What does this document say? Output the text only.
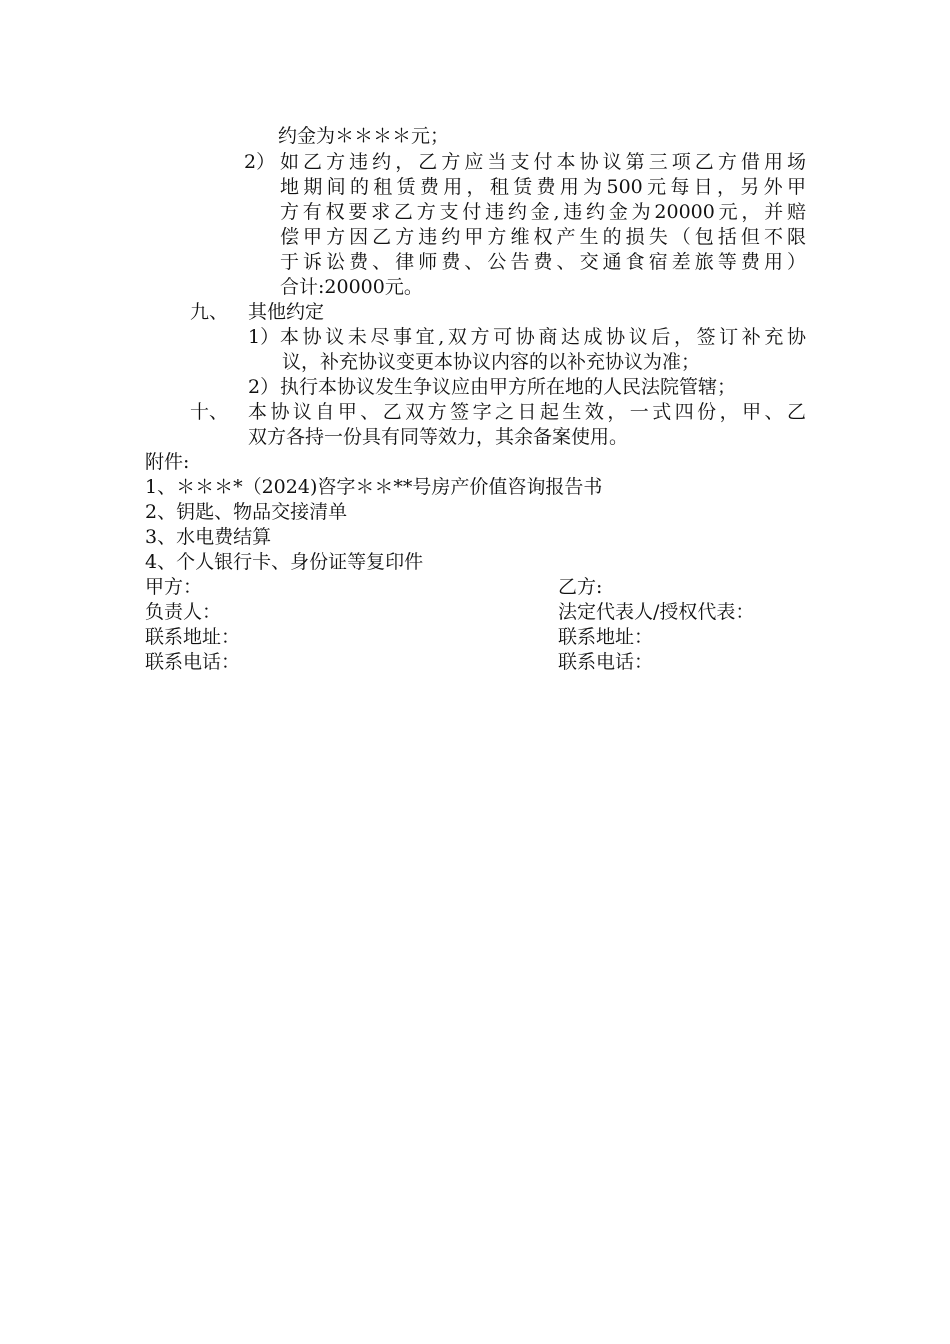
约金为＊＊＊＊元；
2） 如乙方违约，乙方应当支付本协议第三项乙方借用场
地期间的租赁费用，租赁费用为500元每日，另外甲
方有权要求乙方支付违约金,违约金为20000元，并赔
偿甲方因乙方违约甲方维权产生的损失（包括但不限
于诉讼费、律师费、公告费、交通食宿差旅等费用）
合计:20000元。
九、 其他约定
1） 本协议未尽事宜,双方可协商达成协议后，签订补充协
议，补充协议变更本协议内容的以补充协议为准；
2） 执行本协议发生争议应由甲方所在地的人民法院管辖；
十、 本协议自甲、乙双方签字之日起生效，一式四份，甲、乙
双方各持一份具有同等效力，其余备案使用。
附件:
1、＊＊＊*（2024)咨字＊＊**号房产价值咨询报告书
2、钥匙、物品交接清单
3、水电费结算
4、个人银行卡、身份证等复印件
甲方：
负责人：
联系地址：
联系电话：
乙方:
法定代表人/授权代表：
联系地址：
联系电话：
